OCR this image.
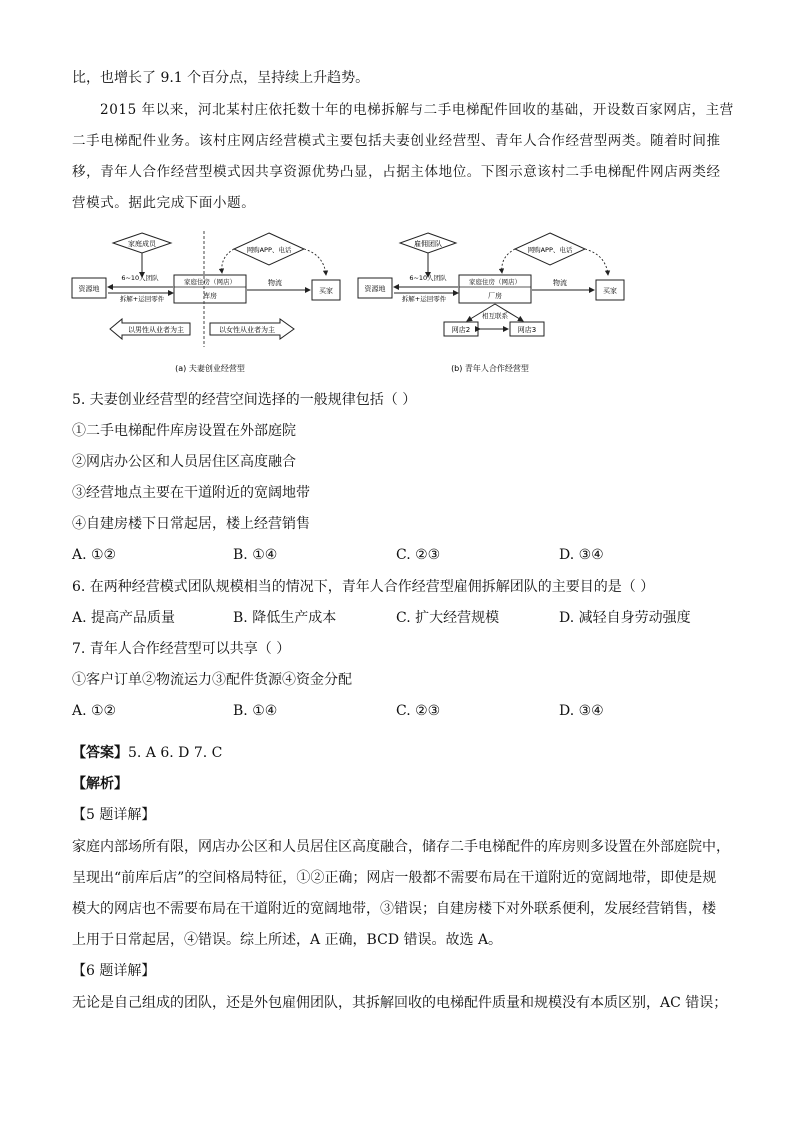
比，也增长了 9.1 个百分点，呈持续上升趋势。
2015 年以来，河北某村庄依托数十年的电梯拆解与二手电梯配件回收的基础，开设数百家网店，主营
二手电梯配件业务。该村庄网店经营模式主要包括夫妻创业经营型、青年人合作经营型两类。随着时间推
移，青年人合作经营型模式因共享资源优势凸显，占据主体地位。下图示意该村二手电梯配件网店两类经
营模式。据此完成下面小题。
家庭成员
6~10人团队
资源地
拆解+运回零件
家庭住房（网店）
库房
网购APP、电话
物流
买家
以男性从业者为主	以女性从业者为主
(a) 夫妻创业经营型
雇佣团队
6~10人团队
资源地
拆解+运回零件
家庭住房（网店）
厂房
网购APP、电话
物流
买家
相互联系
网店2	网店3
(b) 青年人合作经营型
5. 夫妻创业经营型的经营空间选择的一般规律包括（ ）
①二手电梯配件库房设置在外部庭院
②网店办公区和人员居住区高度融合
③经营地点主要在干道附近的宽阔地带
④自建房楼下日常起居，楼上经营销售
A. ①②	B. ①④	C. ②③	D. ③④
6. 在两种经营模式团队规模相当的情况下，青年人合作经营型雇佣拆解团队的主要目的是（ ）
A. 提高产品质量	B. 降低生产成本	C. 扩大经营规模	D. 减轻自身劳动强度
7. 青年人合作经营型可以共享（ ）
①客户订单②物流运力③配件货源④资金分配
A. ①②	B. ①④	C. ②③	D. ③④
【答案】5. A 6. D 7. C
【解析】
【5 题详解】
家庭内部场所有限，网店办公区和人员居住区高度融合，储存二手电梯配件的库房则多设置在外部庭院中，
呈现出“前库后店”的空间格局特征，①②正确；网店一般都不需要布局在干道附近的宽阔地带，即使是规
模大的网店也不需要布局在干道附近的宽阔地带，③错误；自建房楼下对外联系便利，发展经营销售，楼
上用于日常起居，④错误。综上所述，A 正确，BCD 错误。故选 A。
【6 题详解】
无论是自己组成的团队，还是外包雇佣团队，其拆解回收的电梯配件质量和规模没有本质区别，AC 错误；
